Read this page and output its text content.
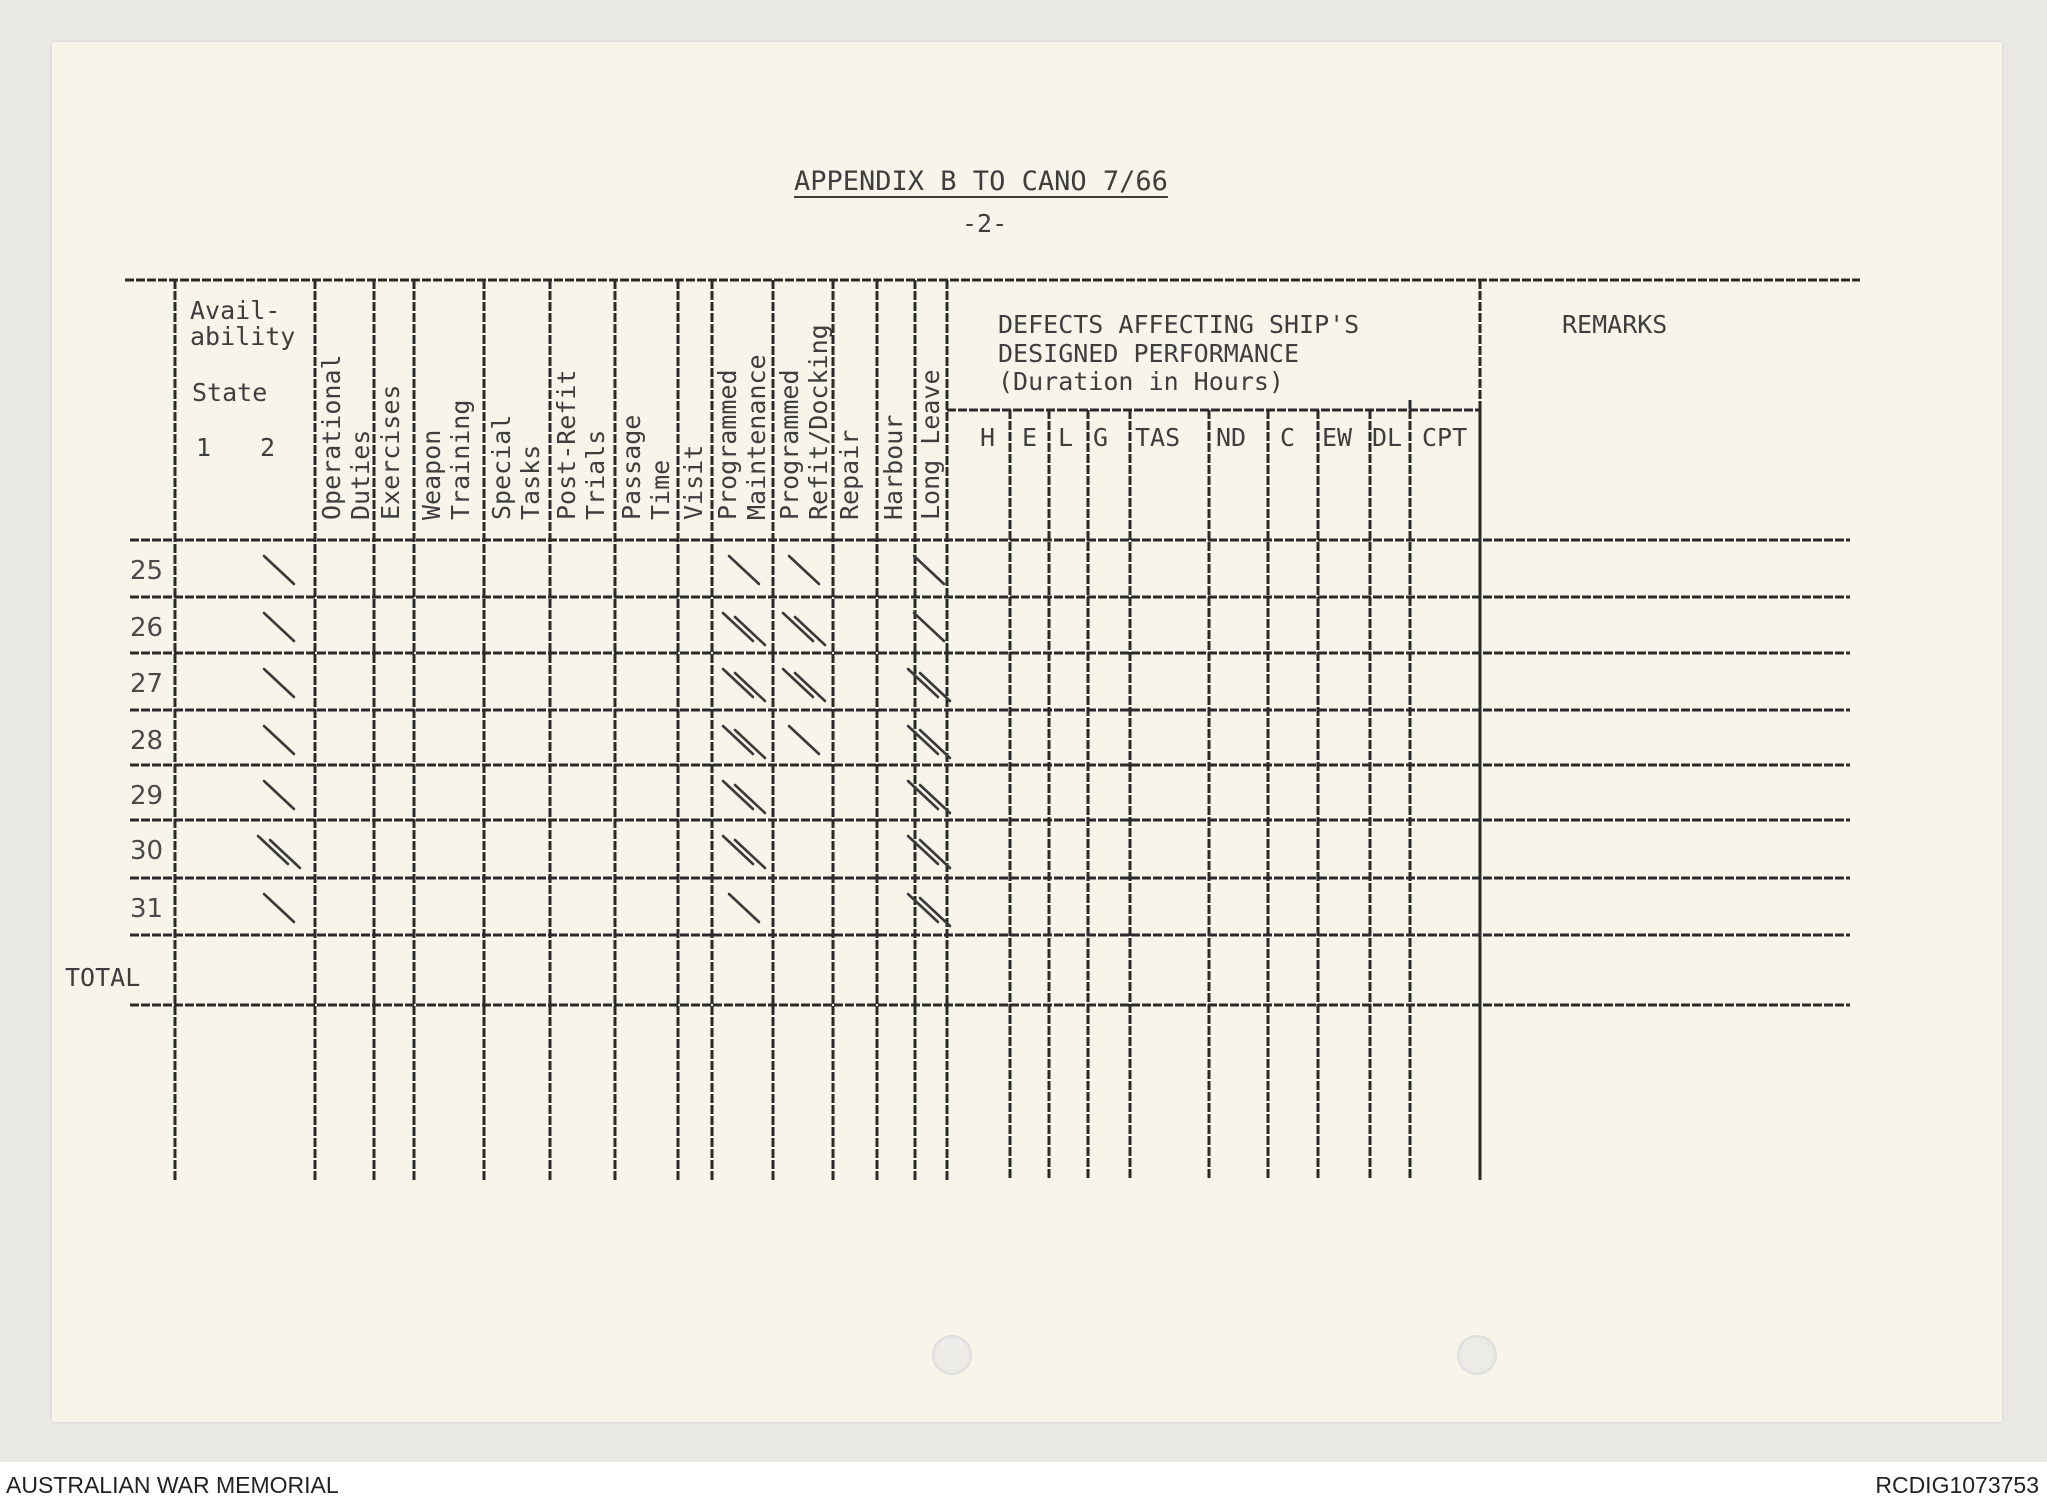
APPENDIX B TO CANO 7/66
-2-
Avail-
ability
State
1 2 Operational Duties Exercises Weapon Training Special Tasks Post-Refit Trials Passage Time Visit Programmed Maintenance Programmed Refit/Docking Repair Harbour Long Leave
DEFECTS AFFECTING SHIP'S
DESIGNED PERFORMANCE
(Duration in Hours)
H E L G TAS ND C EW DL CPT
REMARKS
25
26
27
28
29
30
31
TOTAL
AUSTRALIAN WAR MEMORIAL	RCDIG1073753
